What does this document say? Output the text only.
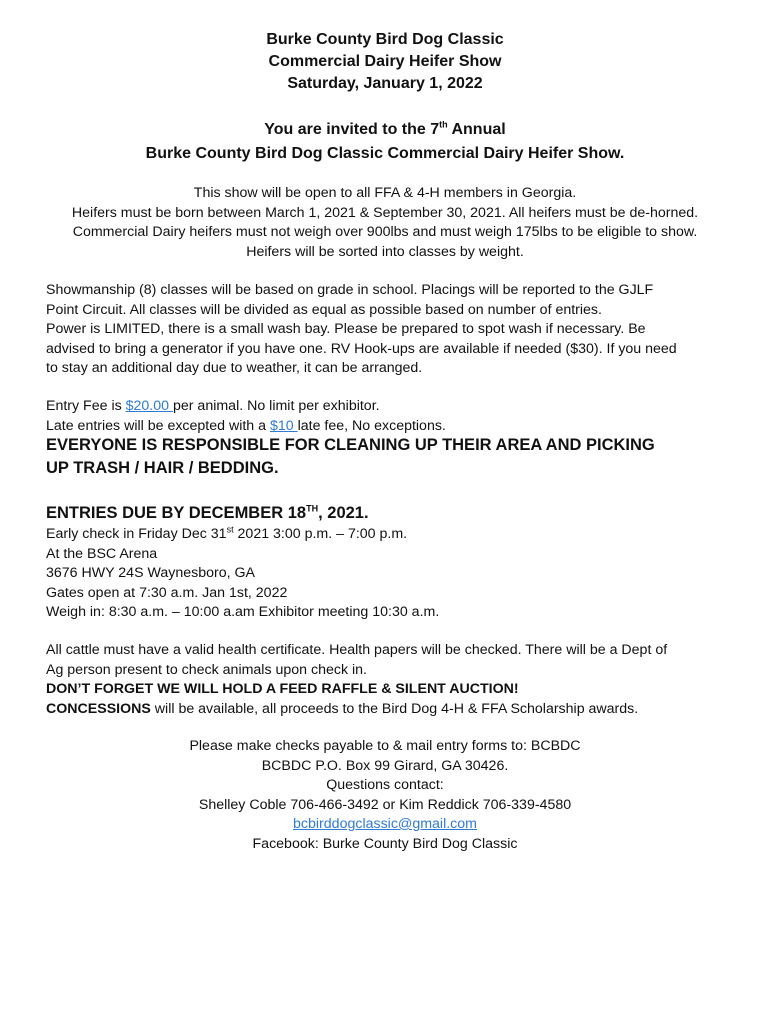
Burke County Bird Dog Classic
Commercial Dairy Heifer Show
Saturday, January 1, 2022
You are invited to the 7th Annual
Burke County Bird Dog Classic Commercial Dairy Heifer Show.
This show will be open to all FFA & 4-H members in Georgia.
Heifers must be born between March 1, 2021 & September 30, 2021. All heifers must be de-horned.
Commercial Dairy heifers must not weigh over 900lbs and must weigh 175lbs to be eligible to show.
Heifers will be sorted into classes by weight.
Showmanship (8) classes will be based on grade in school. Placings will be reported to the GJLF
Point Circuit. All classes will be divided as equal as possible based on number of entries.
Power is LIMITED, there is a small wash bay. Please be prepared to spot wash if necessary. Be
advised to bring a generator if you have one. RV Hook-ups are available if needed ($30). If you need
to stay an additional day due to weather, it can be arranged.
Entry Fee is $20.00 per animal. No limit per exhibitor.
Late entries will be excepted with a $10 late fee, No exceptions.
EVERYONE IS RESPONSIBLE FOR CLEANING UP THEIR AREA AND PICKING
UP TRASH / HAIR / BEDDING.
ENTRIES DUE BY DECEMBER 18TH, 2021.
Early check in Friday Dec 31st 2021 3:00 p.m. – 7:00 p.m.
At the BSC Arena
3676 HWY 24S Waynesboro, GA
Gates open at 7:30 a.m. Jan 1st, 2022
Weigh in: 8:30 a.m. – 10:00 a.am Exhibitor meeting 10:30 a.m.
All cattle must have a valid health certificate. Health papers will be checked. There will be a Dept of
Ag person present to check animals upon check in.
DON’T FORGET WE WILL HOLD A FEED RAFFLE & SILENT AUCTION!
CONCESSIONS will be available, all proceeds to the Bird Dog 4-H & FFA Scholarship awards.
Please make checks payable to & mail entry forms to: BCBDC
BCBDC P.O. Box 99 Girard, GA 30426.
Questions contact:
Shelley Coble 706-466-3492 or Kim Reddick 706-339-4580
bcbirddogclassic@gmail.com
Facebook: Burke County Bird Dog Classic
